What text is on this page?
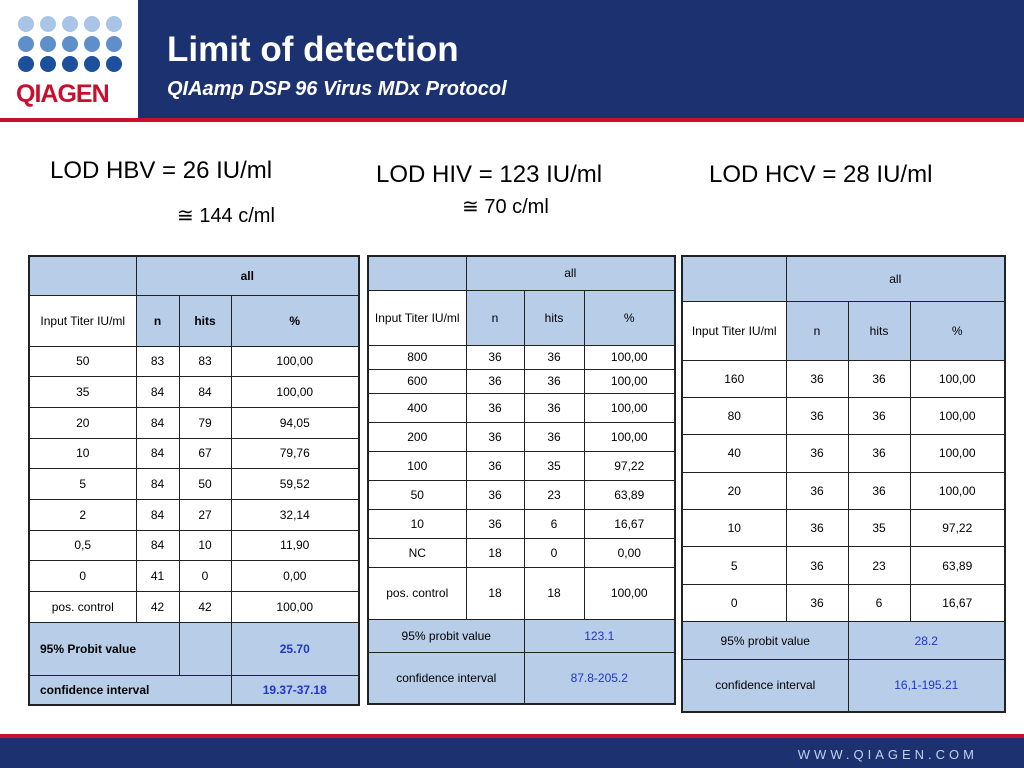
QIAGEN
Limit of detection
QIAamp DSP 96 Virus MDx Protocol
LOD HBV = 26 IU/ml
≅ 144 c/ml
LOD HIV = 123 IU/ml
≅ 70 c/ml
LOD HCV = 28 IU/ml
	all		
Input Titer IU/ml	n	hits	%
50	83	83	100,00
35	84	84	100,00
20	84	79	94,05
10	84	67	79,76
5	84	50	59,52
2	84	27	32,14
0,5	84	10	11,90
0	41	0	0,00
pos. control	42	42	100,00
95% Probit value			25.70
confidence interval			19.37-37.18
	all		
Input Titer IU/ml	n	hits	%
800	36	36	100,00
600	36	36	100,00
400	36	36	100,00
200	36	36	100,00
100	36	35	97,22
50	36	23	63,89
10	36	6	16,67
NC	18	0	0,00
pos. control	18	18	100,00
95% probit value		123.1	
confidence interval		87.8-205.2	
	all		
Input Titer IU/ml	n	hits	%
160	36	36	100,00
80	36	36	100,00
40	36	36	100,00
20	36	36	100,00
10	36	35	97,22
5	36	23	63,89
0	36	6	16,67
95% probit value		28.2	
confidence interval		16,1-195.21	
WWW.QIAGEN.COM
